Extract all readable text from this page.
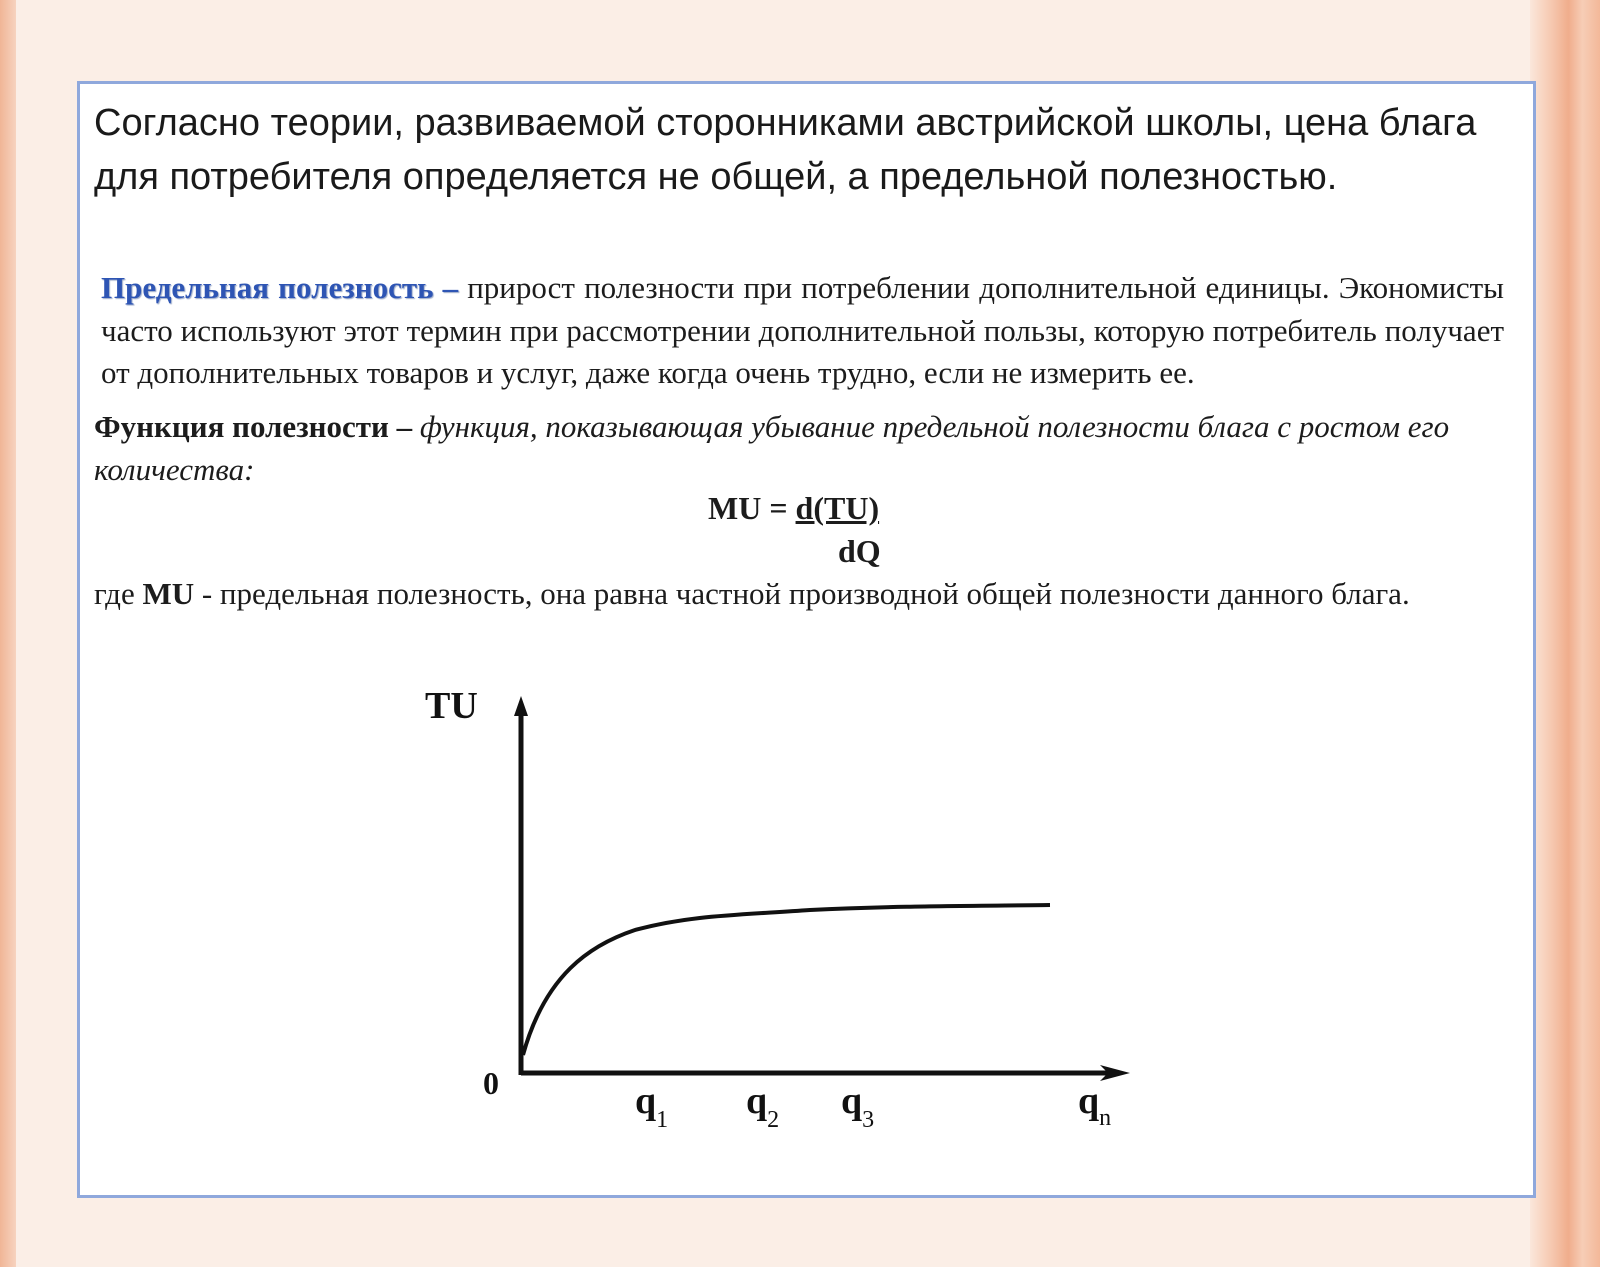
Согласно теории, развиваемой сторонниками австрийской школы, цена блага для потребителя определяется не общей, а предельной полезностью.

Предельная полезность – прирост полезности при потреблении дополнительной единицы. Экономисты часто используют этот термин при рассмотрении дополнительной пользы, которую потребитель получает от дополнительных товаров и услуг, даже когда очень трудно, если не измерить ее.

Функция полезности – функция, показывающая убывание предельной полезности блага с ростом его количества:

MU = d(TU)
dQ

где MU - предельная полезность, она равна частной производной общей полезности данного блага.

TU
0	$q_1$ $q_2$ $q_3$	$q_n$
